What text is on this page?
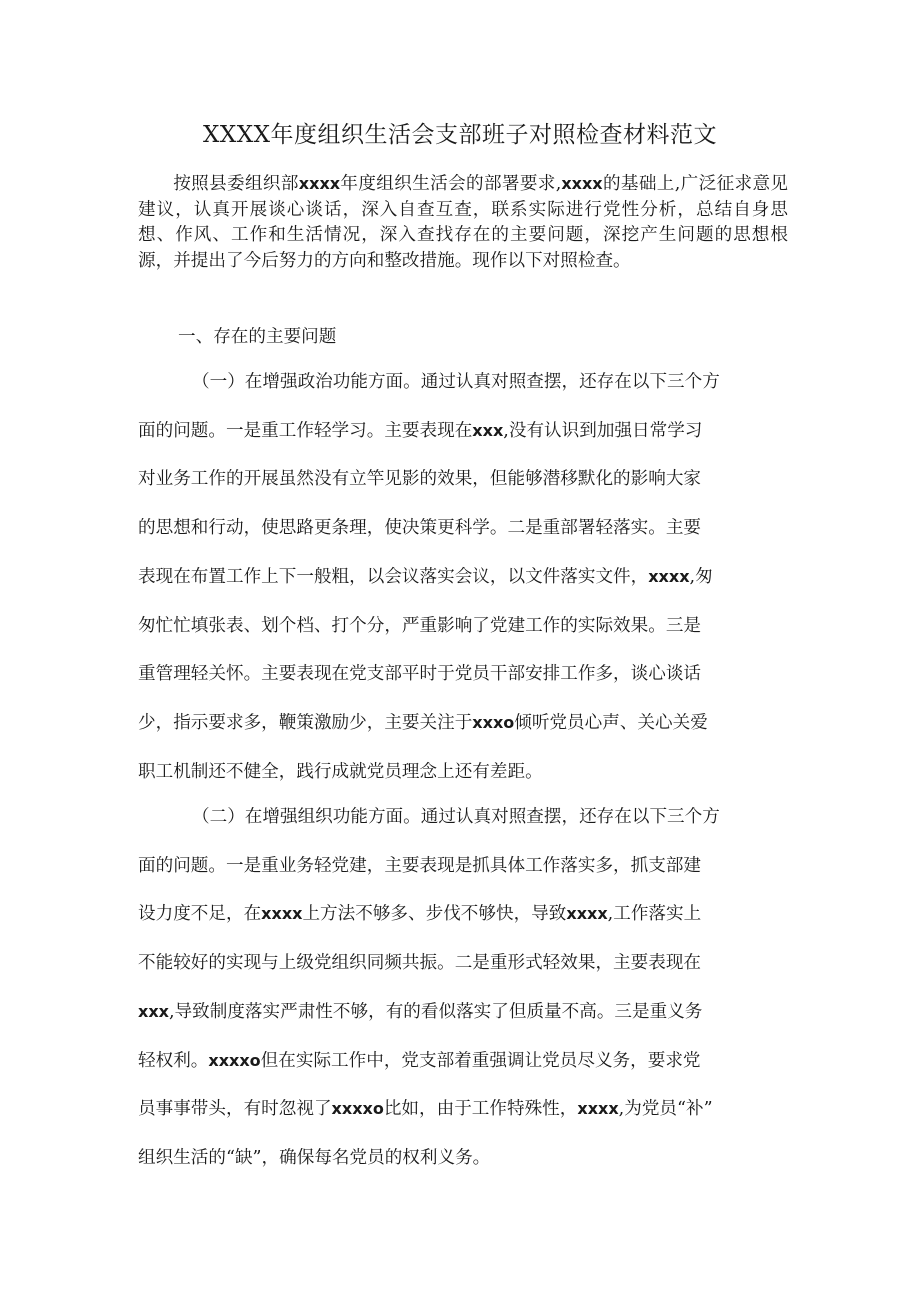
XXXX年度组织生活会支部班子对照检查材料范文

按照县委组织部xxxx年度组织生活会的部署要求,xxxx的基础上,广泛征求意见建议，认真开展谈心谈话，深入自查互查，联系实际进行党性分析，总结自身思想、作风、工作和生活情况，深入查找存在的主要问题，深挖产生问题的思想根源，并提出了今后努力的方向和整改措施。现作以下对照检查。

一、存在的主要问题

（一）在增强政治功能方面。通过认真对照查摆，还存在以下三个方
面的问题。一是重工作轻学习。主要表现在xxx,没有认识到加强日常学习
对业务工作的开展虽然没有立竿见影的效果，但能够潜移默化的影响大家
的思想和行动，使思路更条理，使决策更科学。二是重部署轻落实。主要
表现在布置工作上下一般粗，以会议落实会议，以文件落实文件，xxxx,匆
匆忙忙填张表、划个档、打个分，严重影响了党建工作的实际效果。三是
重管理轻关怀。主要表现在党支部平时于党员干部安排工作多，谈心谈话
少，指示要求多，鞭策激励少，主要关注于xxxo倾听党员心声、关心关爱
职工机制还不健全，践行成就党员理念上还有差距。
（二）在增强组织功能方面。通过认真对照查摆，还存在以下三个方
面的问题。一是重业务轻党建，主要表现是抓具体工作落实多，抓支部建
设力度不足，在xxxx上方法不够多、步伐不够快，导致xxxx,工作落实上
不能较好的实现与上级党组织同频共振。二是重形式轻效果，主要表现在
xxx,导致制度落实严肃性不够，有的看似落实了但质量不高。三是重义务
轻权利。xxxxo但在实际工作中，党支部着重强调让党员尽义务，要求党
员事事带头，有时忽视了xxxxo比如，由于工作特殊性，xxxx,为党员“补”
组织生活的“缺”，确保每名党员的权利义务。
